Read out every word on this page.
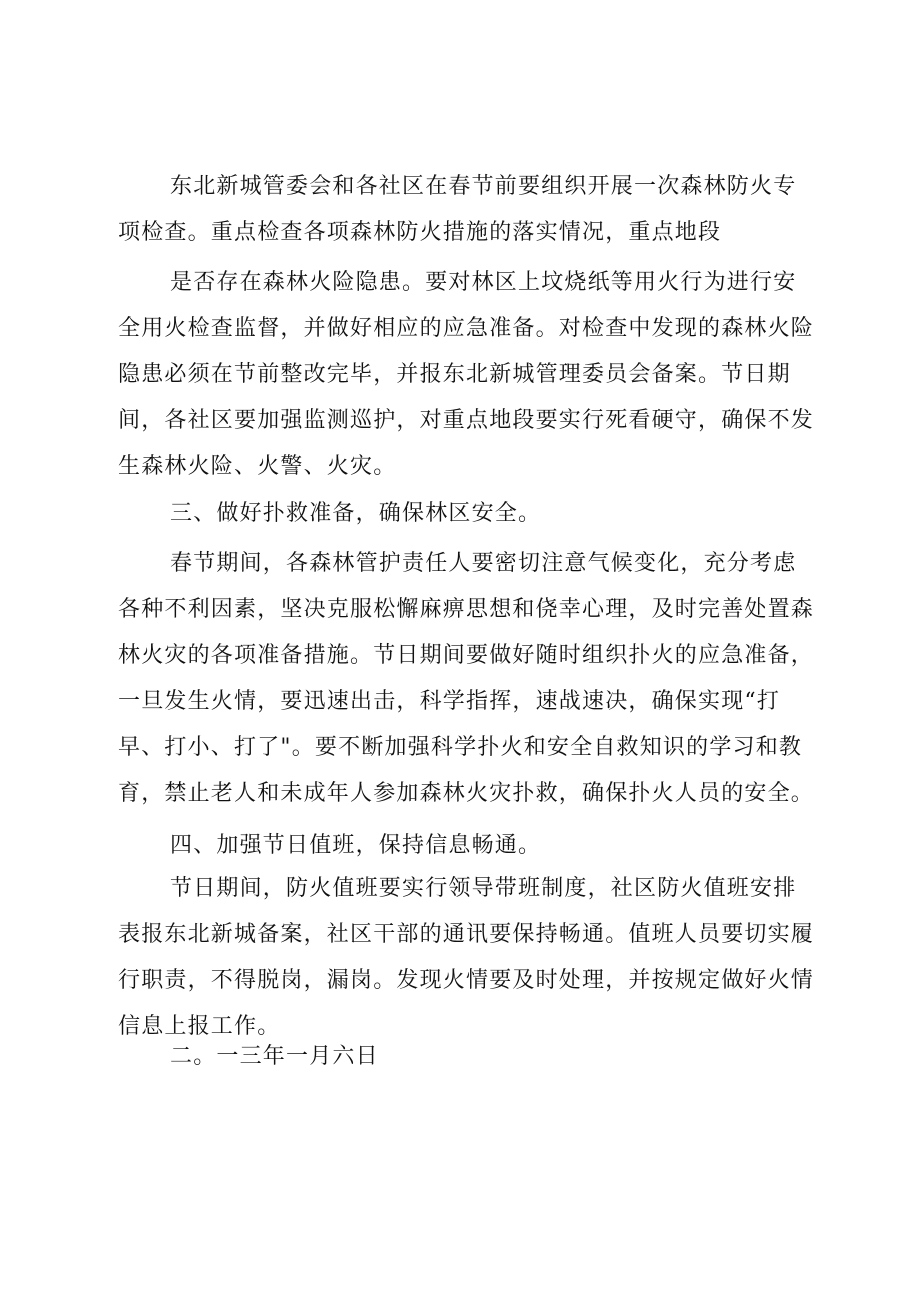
东北新城管委会和各社区在春节前要组织开展一次森林防火专项检查。重点检查各项森林防火措施的落实情况，重点地段

是否存在森林火险隐患。要对林区上坟烧纸等用火行为进行安全用火检查监督，并做好相应的应急准备。对检查中发现的森林火险隐患必须在节前整改完毕，并报东北新城管理委员会备案。节日期间，各社区要加强监测巡护，对重点地段要实行死看硬守，确保不发生森林火险、火警、火灾。

三、做好扑救准备，确保林区安全。

春节期间，各森林管护责任人要密切注意气候变化，充分考虑各种不利因素，坚决克服松懈麻痹思想和侥幸心理，及时完善处置森林火灾的各项准备措施。节日期间要做好随时组织扑火的应急准备，一旦发生火情，要迅速出击，科学指挥，速战速决，确保实现“打早、打小、打了"。要不断加强科学扑火和安全自救知识的学习和教育，禁止老人和未成年人参加森林火灾扑救，确保扑火人员的安全。

四、加强节日值班，保持信息畅通。

节日期间，防火值班要实行领导带班制度，社区防火值班安排表报东北新城备案，社区干部的通讯要保持畅通。值班人员要切实履行职责，不得脱岗，漏岗。发现火情要及时处理，并按规定做好火情信息上报工作。

二。一三年一月六日
